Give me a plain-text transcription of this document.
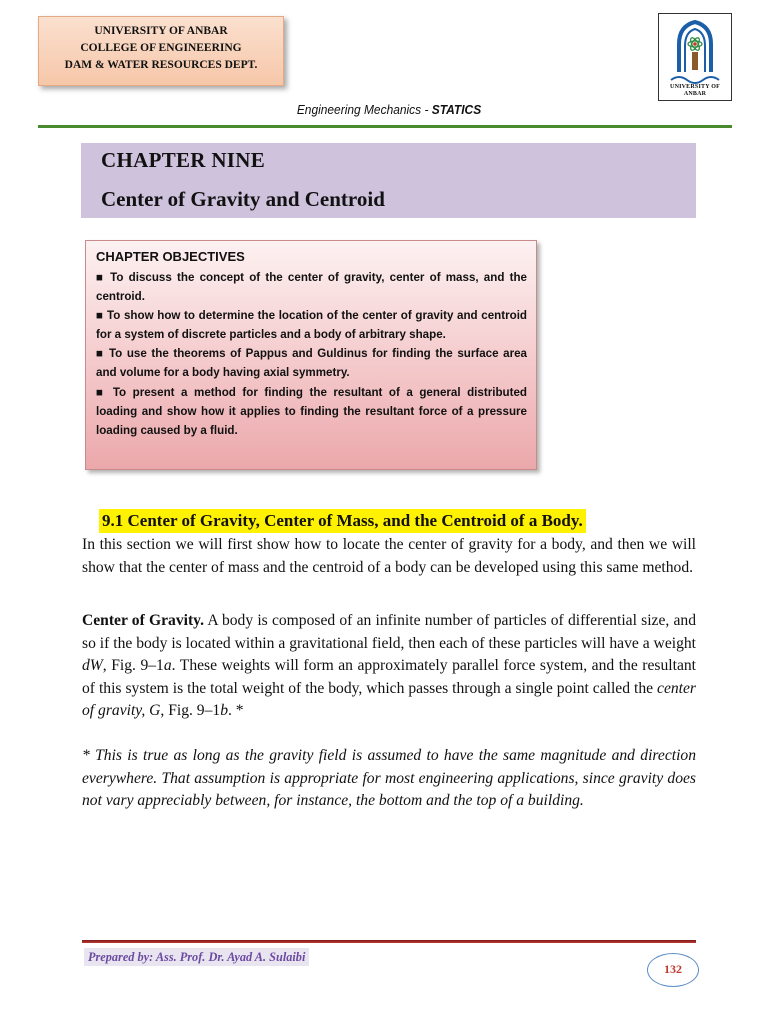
UNIVERSITY OF ANBAR
COLLEGE OF ENGINEERING
DAM & WATER RESOURCES DEPT.
UNIVERSITY OF ANBAR
Engineering Mechanics - STATICS
CHAPTER NINE
Center of Gravity and Centroid
CHAPTER OBJECTIVES
■ To discuss the concept of the center of gravity, center of mass, and the centroid.
■ To show how to determine the location of the center of gravity and centroid for a system of discrete particles and a body of arbitrary shape.
■ To use the theorems of Pappus and Guldinus for finding the surface area and volume for a body having axial symmetry.
■ To present a method for finding the resultant of a general distributed loading and show how it applies to finding the resultant force of a pressure loading caused by a fluid.
9.1 Center of Gravity, Center of Mass, and the Centroid of a Body.
In this section we will first show how to locate the center of gravity for a body, and then we will show that the center of mass and the centroid of a body can be developed using this same method.
Center of Gravity. A body is composed of an infinite number of particles of differential size, and so if the body is located within a gravitational field, then each of these particles will have a weight dW, Fig. 9–1a. These weights will form an approximately parallel force system, and the resultant of this system is the total weight of the body, which passes through a single point called the center of gravity, G, Fig. 9–1b. *
* This is true as long as the gravity field is assumed to have the same magnitude and direction everywhere. That assumption is appropriate for most engineering applications, since gravity does not vary appreciably between, for instance, the bottom and the top of a building.
Prepared by: Ass. Prof. Dr. Ayad A. Sulaibi
132
